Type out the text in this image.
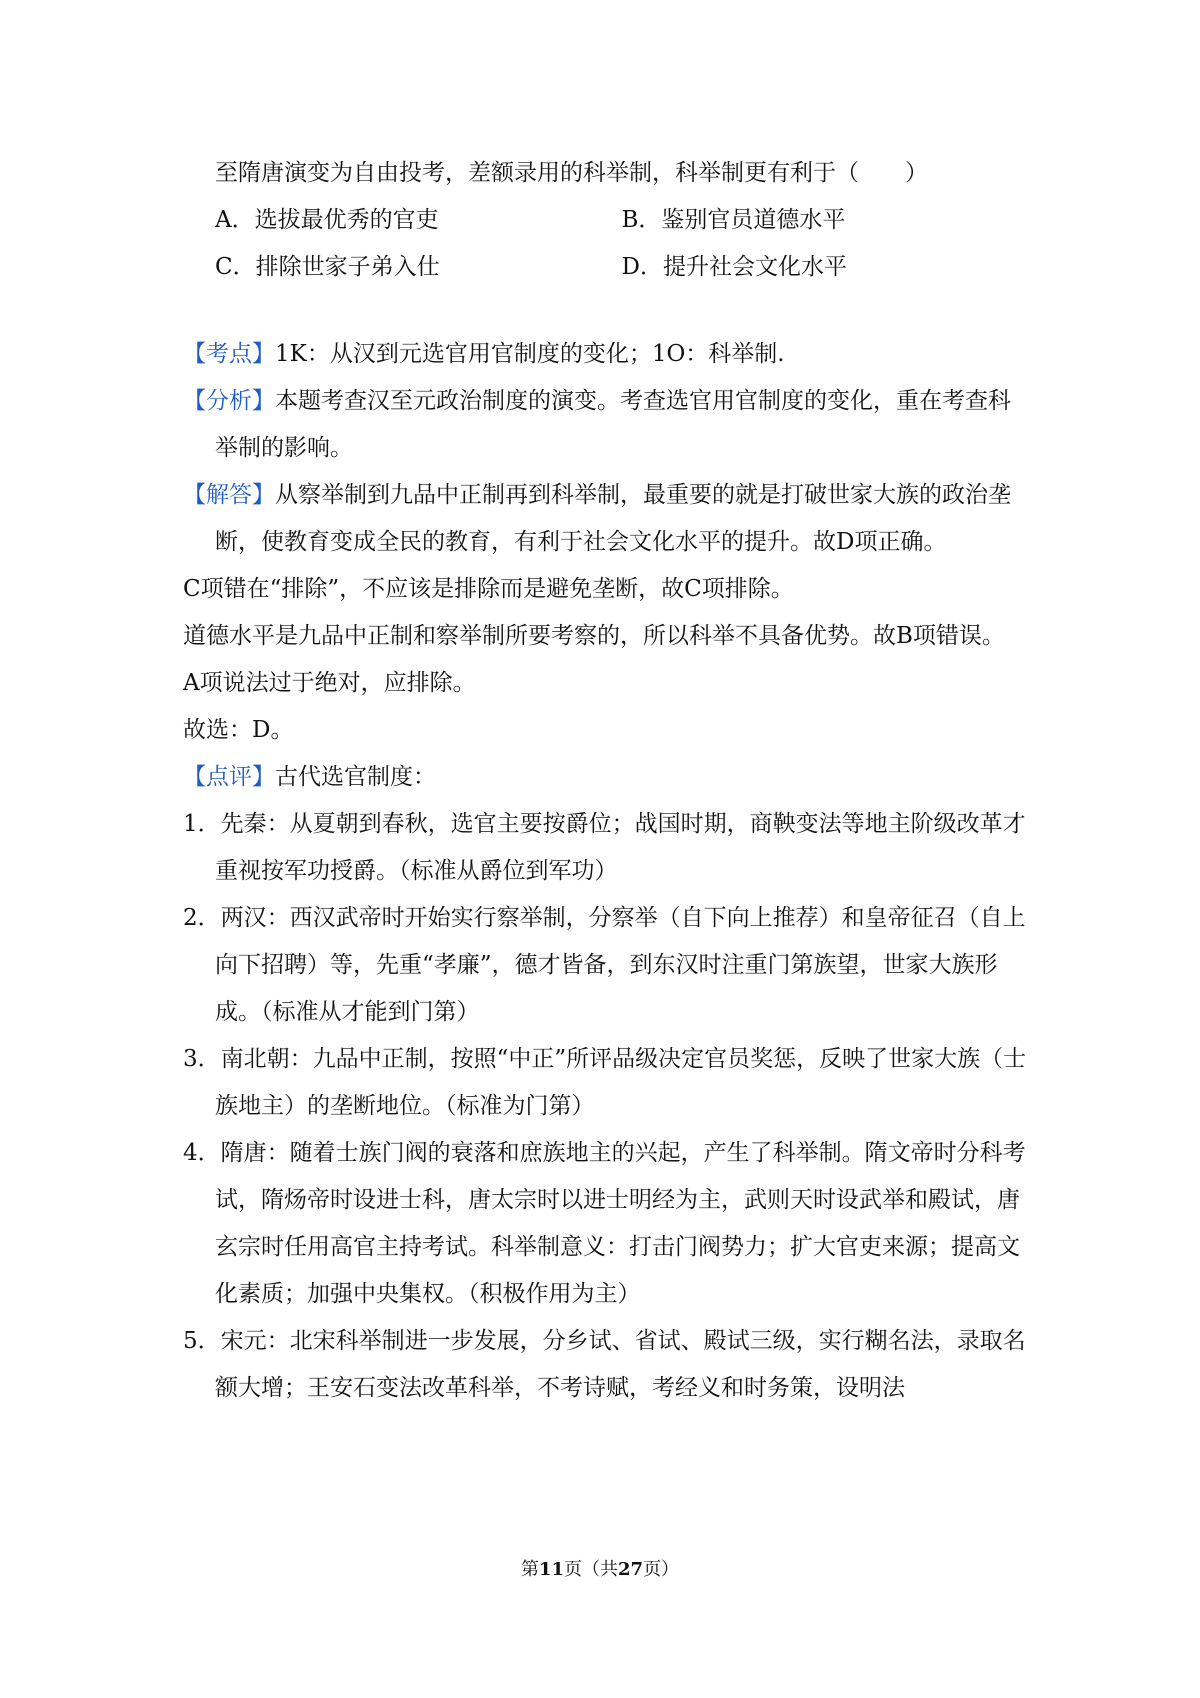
至隋唐演变为自由投考，差额录用的科举制，科举制更有利于（　　）
A．选拔最优秀的官吏	B．鉴别官员道德水平
C．排除世家子弟入仕	D．提升社会文化水平

【考点】1K：从汉到元选官用官制度的变化；1O：科举制.

【分析】本题考查汉至元政治制度的演变。考查选官用官制度的变化，重在考查科举制的影响。

【解答】从察举制到九品中正制再到科举制，最重要的就是打破世家大族的政治垄断，使教育变成全民的教育，有利于社会文化水平的提升。故D项正确。

C项错在“排除”，不应该是排除而是避免垄断，故C项排除。

道德水平是九品中正制和察举制所要考察的，所以科举不具备优势。故B项错误。

A项说法过于绝对，应排除。

故选：D。

【点评】古代选官制度：

1．先秦：从夏朝到春秋，选官主要按爵位；战国时期，商鞅变法等地主阶级改革才重视按军功授爵。（标准从爵位到军功）

2．两汉：西汉武帝时开始实行察举制，分察举（自下向上推荐）和皇帝征召（自上向下招聘）等，先重“孝廉”，德才皆备，到东汉时注重门第族望，世家大族形成。（标准从才能到门第）

3．南北朝：九品中正制，按照“中正”所评品级决定官员奖惩，反映了世家大族（士族地主）的垄断地位。（标准为门第）

4．隋唐：随着士族门阀的衰落和庶族地主的兴起，产生了科举制。隋文帝时分科考试，隋炀帝时设进士科，唐太宗时以进士明经为主，武则天时设武举和殿试，唐玄宗时任用高官主持考试。科举制意义：打击门阀势力；扩大官吏来源；提高文化素质；加强中央集权。（积极作用为主）

5．宋元：北宋科举制进一步发展，分乡试、省试、殿试三级，实行糊名法，录取名额大增；王安石变法改革科举，不考诗赋，考经义和时务策，设明法

第11页（共27页）
